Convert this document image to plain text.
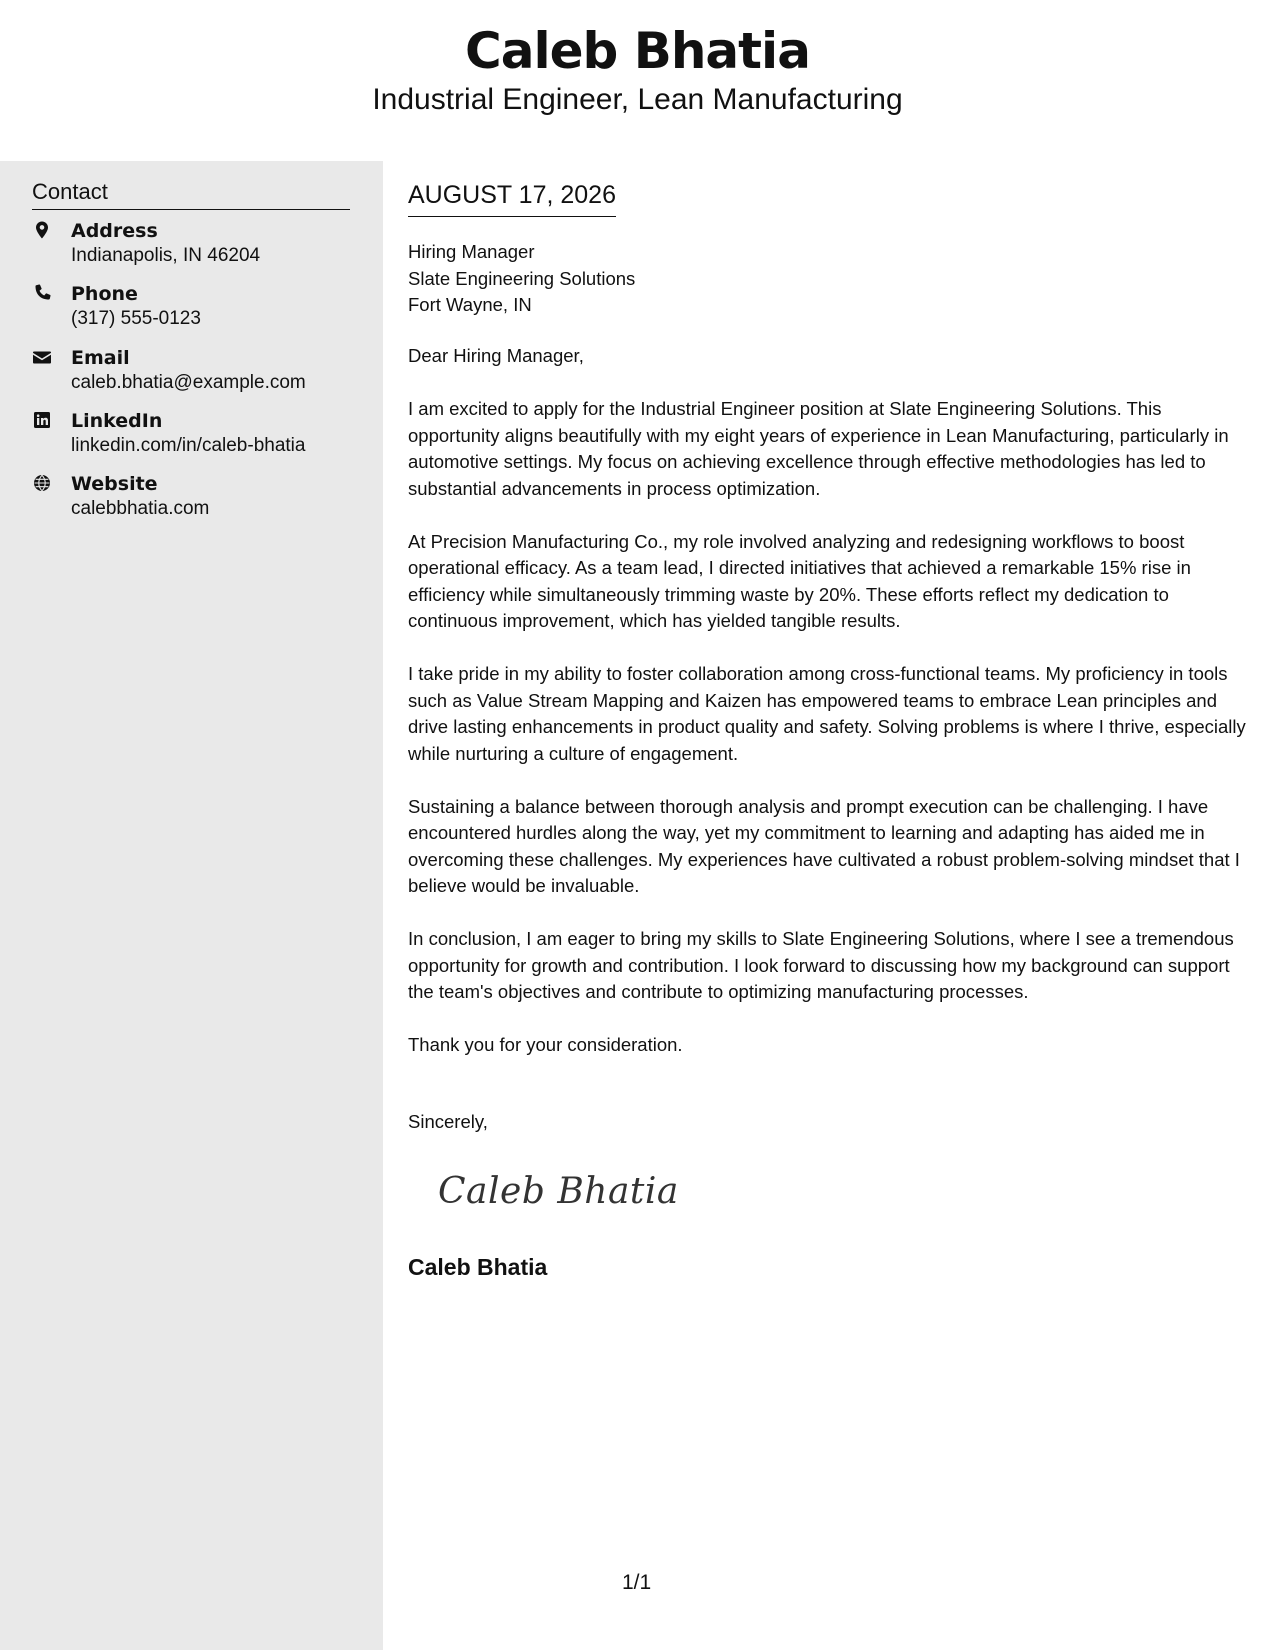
Caleb Bhatia
Industrial Engineer, Lean Manufacturing
Contact
Address
Indianapolis, IN 46204
Phone
(317) 555-0123
Email
caleb.bhatia@example.com
LinkedIn
linkedin.com/in/caleb-bhatia
Website
calebbhatia.com
AUGUST 17, 2026
Hiring Manager
Slate Engineering Solutions
Fort Wayne, IN

Dear Hiring Manager,

I am excited to apply for the Industrial Engineer position at Slate Engineering Solutions. This opportunity aligns beautifully with my eight years of experience in Lean Manufacturing, particularly in automotive settings. My focus on achieving excellence through effective methodologies has led to substantial advancements in process optimization.

At Precision Manufacturing Co., my role involved analyzing and redesigning workflows to boost operational efficacy. As a team lead, I directed initiatives that achieved a remarkable 15% rise in efficiency while simultaneously trimming waste by 20%. These efforts reflect my dedication to continuous improvement, which has yielded tangible results.

I take pride in my ability to foster collaboration among cross-functional teams. My proficiency in tools such as Value Stream Mapping and Kaizen has empowered teams to embrace Lean principles and drive lasting enhancements in product quality and safety. Solving problems is where I thrive, especially while nurturing a culture of engagement.

Sustaining a balance between thorough analysis and prompt execution can be challenging. I have encountered hurdles along the way, yet my commitment to learning and adapting has aided me in overcoming these challenges. My experiences have cultivated a robust problem-solving mindset that I believe would be invaluable.

In conclusion, I am eager to bring my skills to Slate Engineering Solutions, where I see a tremendous opportunity for growth and contribution. I look forward to discussing how my background can support the team's objectives and contribute to optimizing manufacturing processes.

Thank you for your consideration.

Sincerely,
Caleb Bhatia
Caleb Bhatia
1/1
